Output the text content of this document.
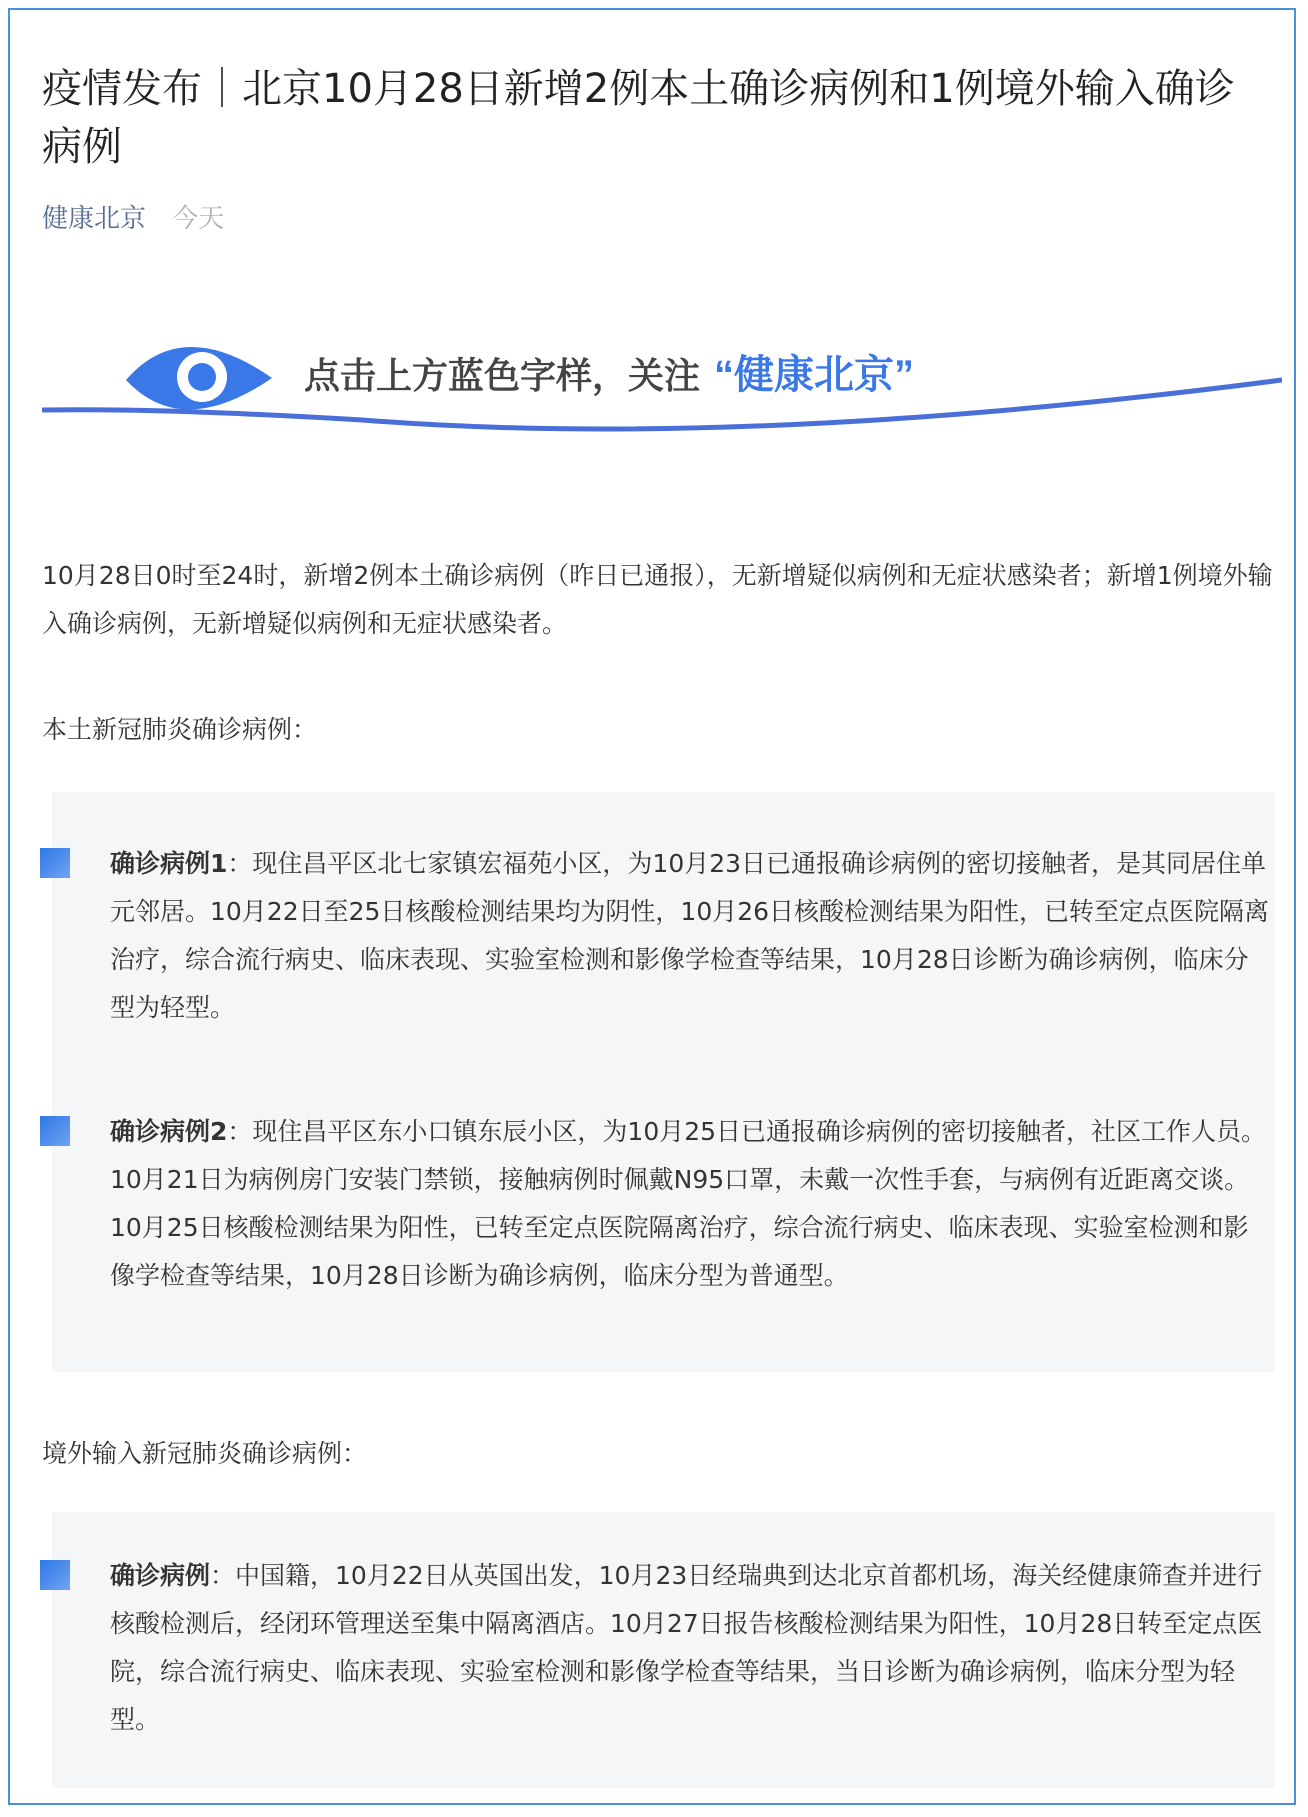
疫情发布｜北京10月28日新增2例本土确诊病例和1例境外输入确诊病例
健康北京 今天
点击上方蓝色字样，关注 “健康北京”

10月28日0时至24时，新增2例本土确诊病例（昨日已通报），无新增疑似病例和无症状感染者；新增1例境外输入确诊病例，无新增疑似病例和无症状感染者。

本土新冠肺炎确诊病例：

确诊病例1：现住昌平区北七家镇宏福苑小区，为10月23日已通报确诊病例的密切接触者，是其同居住单元邻居。10月22日至25日核酸检测结果均为阴性，10月26日核酸检测结果为阳性，已转至定点医院隔离治疗，综合流行病史、临床表现、实验室检测和影像学检查等结果，10月28日诊断为确诊病例，临床分型为轻型。

确诊病例2：现住昌平区东小口镇东辰小区，为10月25日已通报确诊病例的密切接触者，社区工作人员。10月21日为病例房门安装门禁锁，接触病例时佩戴N95口罩，未戴一次性手套，与病例有近距离交谈。10月25日核酸检测结果为阳性，已转至定点医院隔离治疗，综合流行病史、临床表现、实验室检测和影像学检查等结果，10月28日诊断为确诊病例，临床分型为普通型。

境外输入新冠肺炎确诊病例：

确诊病例：中国籍，10月22日从英国出发，10月23日经瑞典到达北京首都机场，海关经健康筛查并进行核酸检测后，经闭环管理送至集中隔离酒店。10月27日报告核酸检测结果为阳性，10月28日转至定点医院，综合流行病史、临床表现、实验室检测和影像学检查等结果，当日诊断为确诊病例，临床分型为轻型。
